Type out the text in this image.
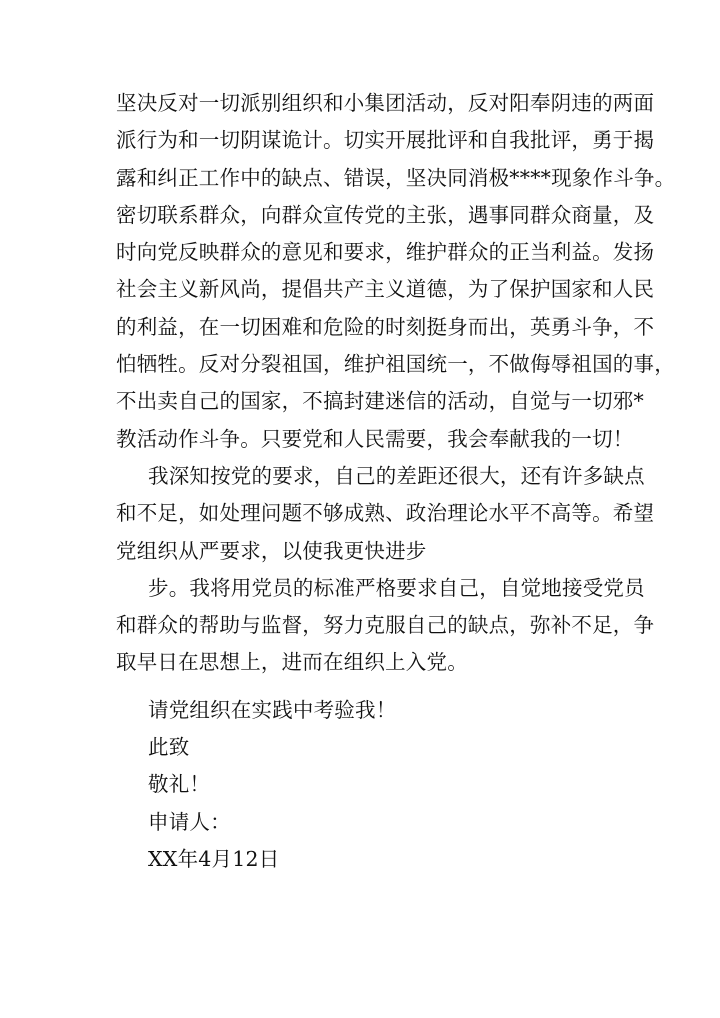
坚决反对一切派别组织和小集团活动，反对阳奉阴违的两面
派行为和一切阴谋诡计。切实开展批评和自我批评，勇于揭
露和纠正工作中的缺点、错误，坚决同消极****现象作斗争。
密切联系群众，向群众宣传党的主张，遇事同群众商量，及
时向党反映群众的意见和要求，维护群众的正当利益。发扬
社会主义新风尚，提倡共产主义道德，为了保护国家和人民
的利益，在一切困难和危险的时刻挺身而出，英勇斗争，不
怕牺牲。反对分裂祖国，维护祖国统一，不做侮辱祖国的事，
不出卖自己的国家，不搞封建迷信的活动，自觉与一切邪*
教活动作斗争。只要党和人民需要，我会奉献我的一切！
我深知按党的要求，自己的差距还很大，还有许多缺点
和不足，如处理问题不够成熟、政治理论水平不高等。希望
党组织从严要求，以使我更快进步
步。我将用党员的标准严格要求自己，自觉地接受党员
和群众的帮助与监督，努力克服自己的缺点，弥补不足，争
取早日在思想上，进而在组织上入党。
请党组织在实践中考验我！
此致
敬礼！
申请人：
XX年4月12日
